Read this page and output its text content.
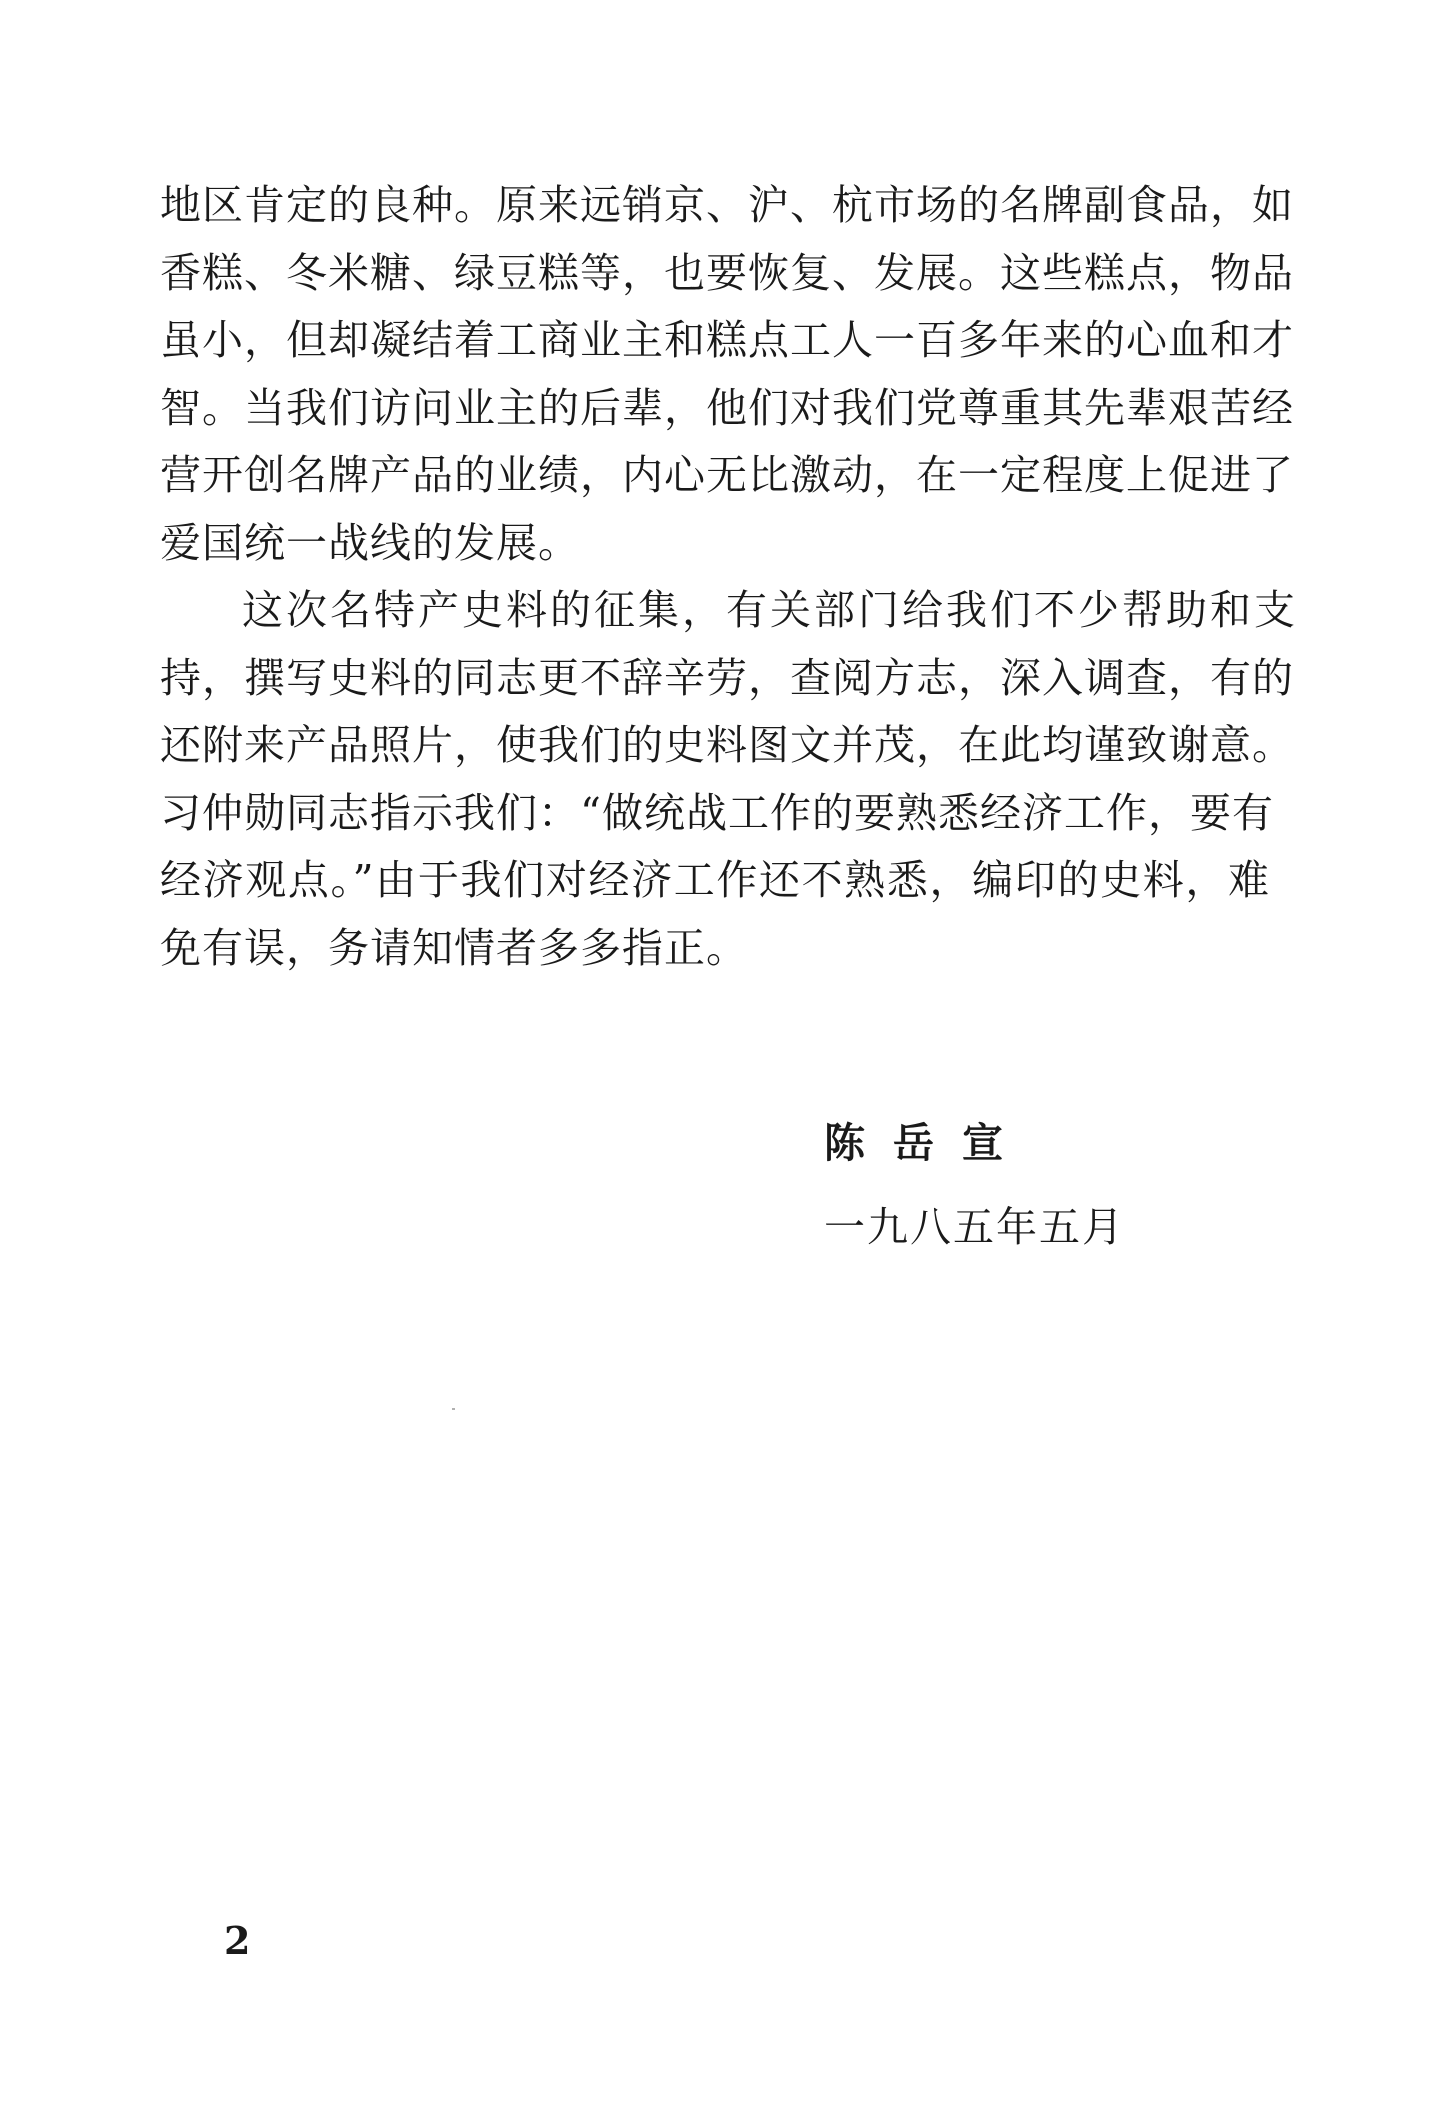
地区肯定的良种。原来远销京、沪、杭市场的名牌副食品，如
香糕、冬米糖、绿豆糕等，也要恢复、发展。这些糕点，物品
虽小，但却凝结着工商业主和糕点工人一百多年来的心血和才
智。当我们访问业主的后辈，他们对我们党尊重其先辈艰苦经
营开创名牌产品的业绩，内心无比激动，在一定程度上促进了
爱国统一战线的发展。
这次名特产史料的征集，有关部门给我们不少帮助和支
持，撰写史料的同志更不辞辛劳，查阅方志，深入调查，有的
还附来产品照片，使我们的史料图文并茂，在此均谨致谢意。
习仲勋同志指示我们：“做统战工作的要熟悉经济工作，要有
经济观点。”由于我们对经济工作还不熟悉，编印的史料，难
免有误，务请知情者多多指正。
陈岳宣
一九八五年五月
2
